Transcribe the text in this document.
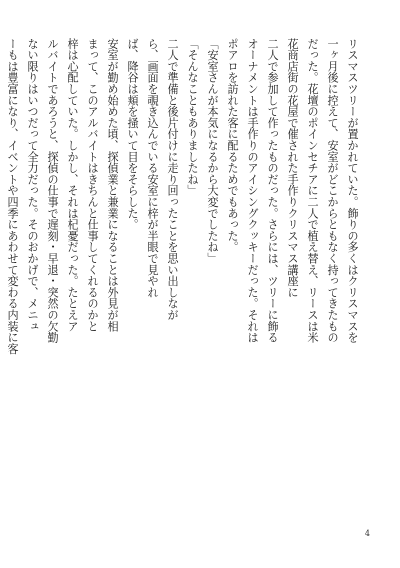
リスマスツリーが置かれていた。飾りの多くはクリスマスを
一ヶ月後に控えて、安室がどこからともなく持ってきたもの
だった。花壇のポインセチアに二人で植え替え、リースは米
花商店街の花屋で催された手作りクリスマス講座に
二人で参加して作ったものだった。さらには、ツリーに飾る
オーナメントは手作りのアイシングクッキーだった。それは
ポアロを訪れた客に配るためでもあった。

「安室さんが本気になるから大変でしたね」

「そんなこともありましたね」

二人で準備と後片付けに走り回ったことを思い出しなが
ら、画面を覗き込んでいる安室に梓が半眼で見やれ
ば、降谷は頬を掻いて目をそらした。

安室が勤め始めた頃、探偵業と兼業になることは外見が相
まって、このアルバイトはきちんと仕事してくれるのかと
梓は心配していた。しかし、それは杞憂だった。たとえア
ルバイトであろうと、探偵の仕事で遅刻・早退・突然の欠勤
ない限りはいつだって全力だった。そのおかげで、メニュ
ーもは豊富になり、イベントや四季にあわせて変わる内装に客

4
